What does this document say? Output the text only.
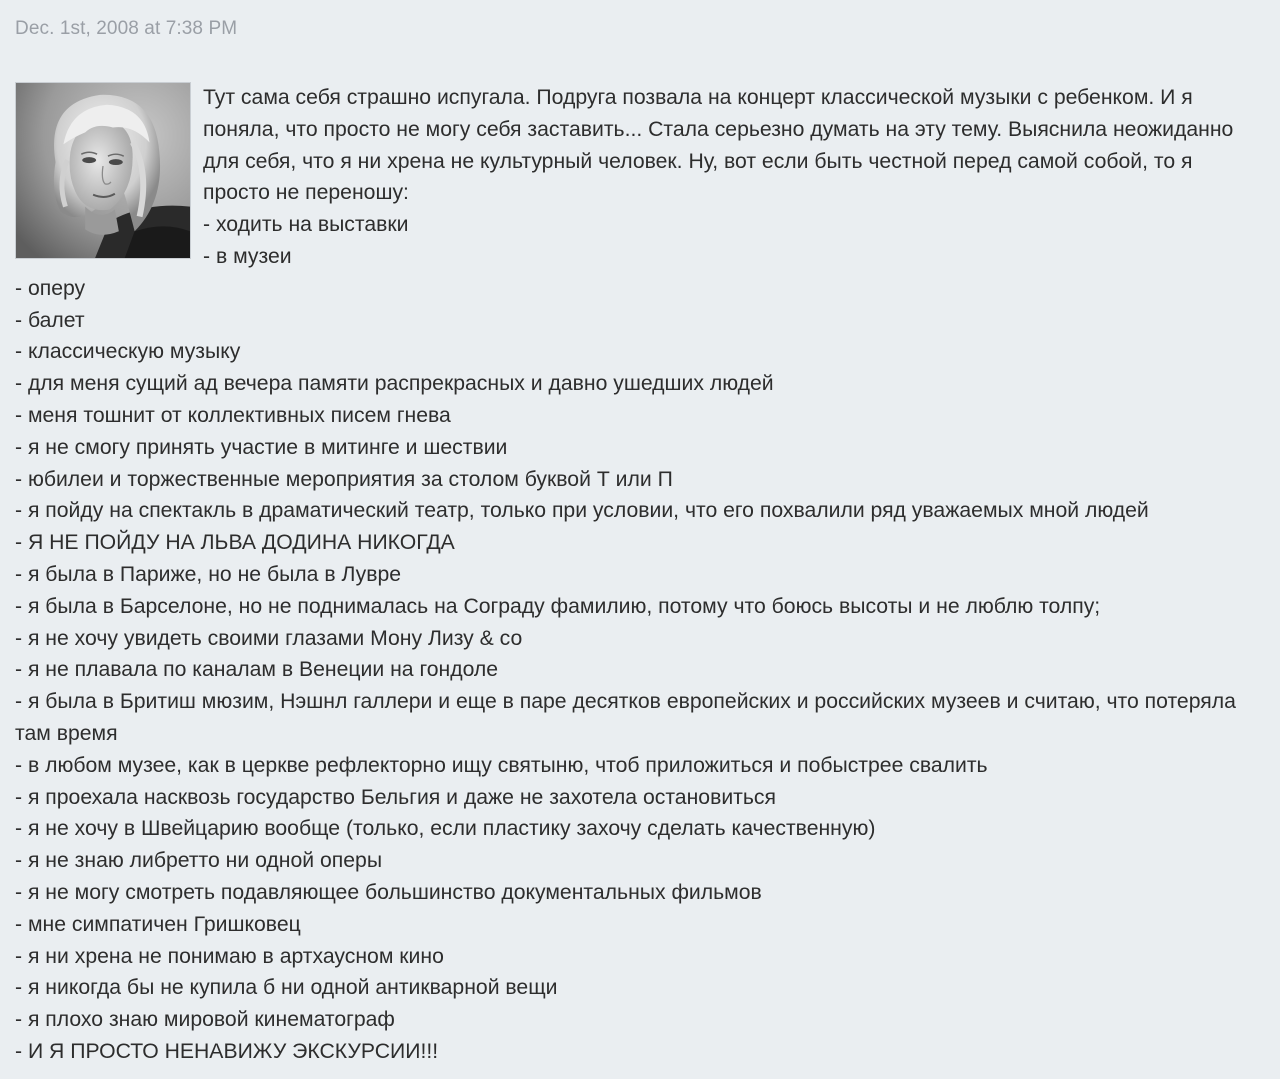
Dec. 1st, 2008 at 7:38 PM
Тут сама себя страшно испугала. Подруга позвала на концерт классической музыки с ребенком. И я поняла, что просто не могу себя заставить... Стала серьезно думать на эту тему. Выяснила неожиданно для себя, что я ни хрена не культурный человек. Ну, вот если быть честной перед самой собой, то я просто не переношу:
- ходить на выставки
- в музеи
- оперу
- балет
- классическую музыку
- для меня сущий ад вечера памяти распрекрасных и давно ушедших людей
- меня тошнит от коллективных писем гнева
- я не смогу принять участие в митинге и шествии
- юбилеи и торжественные мероприятия за столом буквой Т или П
- я пойду на спектакль в драматический театр, только при условии, что его похвалили ряд уважаемых мной людей
- Я НЕ ПОЙДУ НА ЛЬВА ДОДИНА НИКОГДА
- я была в Париже, но не была в Лувре
- я была в Барселоне, но не поднималась на Сограду фамилию, потому что боюсь высоты и не люблю толпу;
- я не хочу увидеть своими глазами Мону Лизу & со
- я не плавала по каналам в Венеции на гондоле
- я была в Бритиш мюзим, Нэшнл галлери и еще в паре десятков европейских и российских музеев и считаю, что потеряла там время
- в любом музее, как в церкве рефлекторно ищу святыню, чтоб приложиться и побыстрее свалить
- я проехала насквозь государство Бельгия и даже не захотела остановиться
- я не хочу в Швейцарию вообще (только, если пластику захочу сделать качественную)
- я не знаю либретто ни одной оперы
- я не могу смотреть подавляющее большинство документальных фильмов
- мне симпатичен Гришковец
- я ни хрена не понимаю в артхаусном кино
- я никогда бы не купила б ни одной антикварной вещи
- я плохо знаю мировой кинематограф
- И Я ПРОСТО НЕНАВИЖУ ЭКСКУРСИИ!!!
